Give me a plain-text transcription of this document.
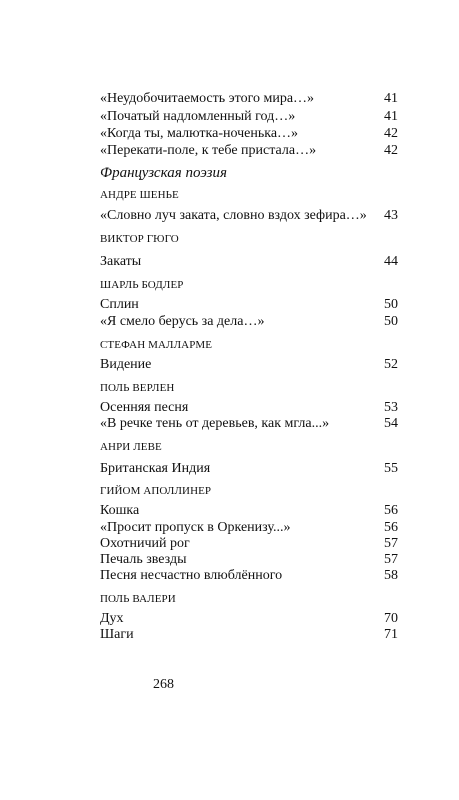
«Неудобочитаемость этого мира…»	41
«Початый надломленный год…»	41
«Когда ты, малютка-ноченька…»	42
«Перекати-поле, к тебе пристала…»	42
Французская поэзия
АНДРЕ ШЕНЬЕ
«Словно луч заката, словно вздох зефира…» 43
ВИКТОР ГЮГО
Закаты	44
ШАРЛЬ БОДЛЕР
Сплин	50
«Я смело берусь за дела…»	50
СТЕФАН МАЛЛАРМЕ
Видение	52
ПОЛЬ ВЕРЛЕН
Осенняя песня	53
«В речке тень от деревьев, как мгла...»	54
АНРИ ЛЕВЕ
Британская Индия	55
ГИЙОМ АПОЛЛИНЕР
Кошка	56
«Просит пропуск в Оркенизу...»	56
Охотничий рог	57
Печаль звезды	57
Песня несчастно влюблённого	58
ПОЛЬ ВАЛЕРИ
Дух	70
Шаги	71
268
